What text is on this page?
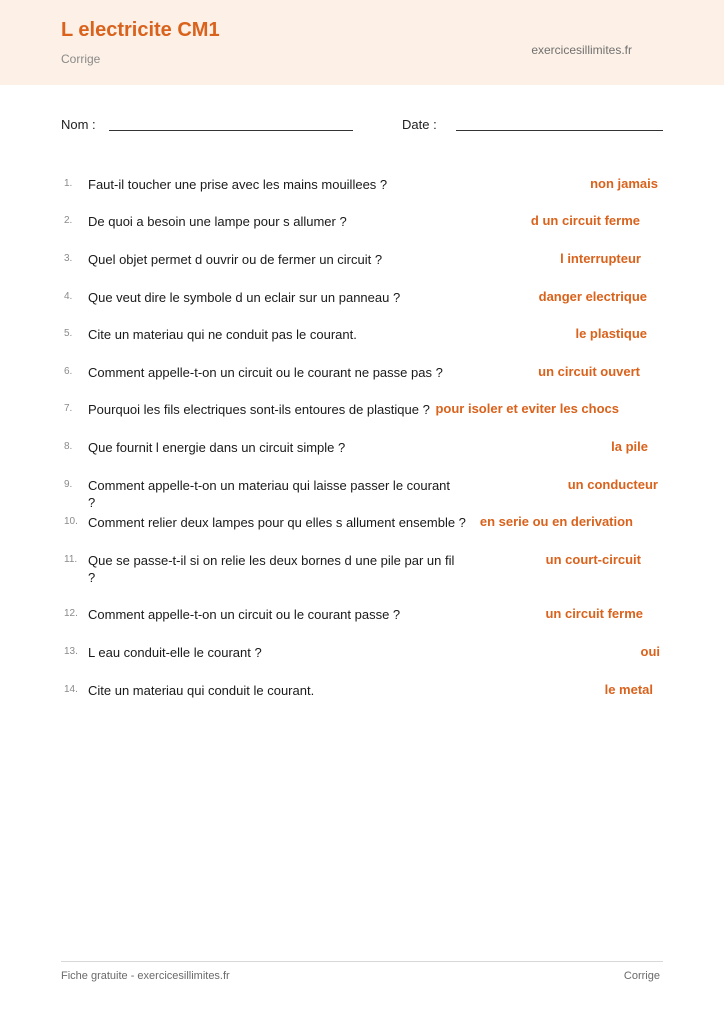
L electricite CM1
Corrige
exercicesillimites.fr
Nom :	Date :
1. Faut-il toucher une prise avec les mains mouillees ?	non jamais
2. De quoi a besoin une lampe pour s allumer ?	d un circuit ferme
3. Quel objet permet d ouvrir ou de fermer un circuit ?	l interrupteur
4. Que veut dire le symbole d un eclair sur un panneau ?	danger electrique
5. Cite un materiau qui ne conduit pas le courant.	le plastique
6. Comment appelle-t-on un circuit ou le courant ne passe pas ?	un circuit ouvert
7. Pourquoi les fils electriques sont-ils entoures de plastique ? pour isoler et eviter les chocs
8. Que fournit l energie dans un circuit simple ?	la pile
9. Comment appelle-t-on un materiau qui laisse passer le courant ?
un conducteur
10. Comment relier deux lampes pour qu elles s allument ensemble ?	en serie ou en derivation
11. Que se passe-t-il si on relie les deux bornes d une pile par un fil ?
un court-circuit
12. Comment appelle-t-on un circuit ou le courant passe ?	un circuit ferme
13. L eau conduit-elle le courant ?	oui
14. Cite un materiau qui conduit le courant.	le metal
Fiche gratuite - exercicesillimites.fr	Corrige
